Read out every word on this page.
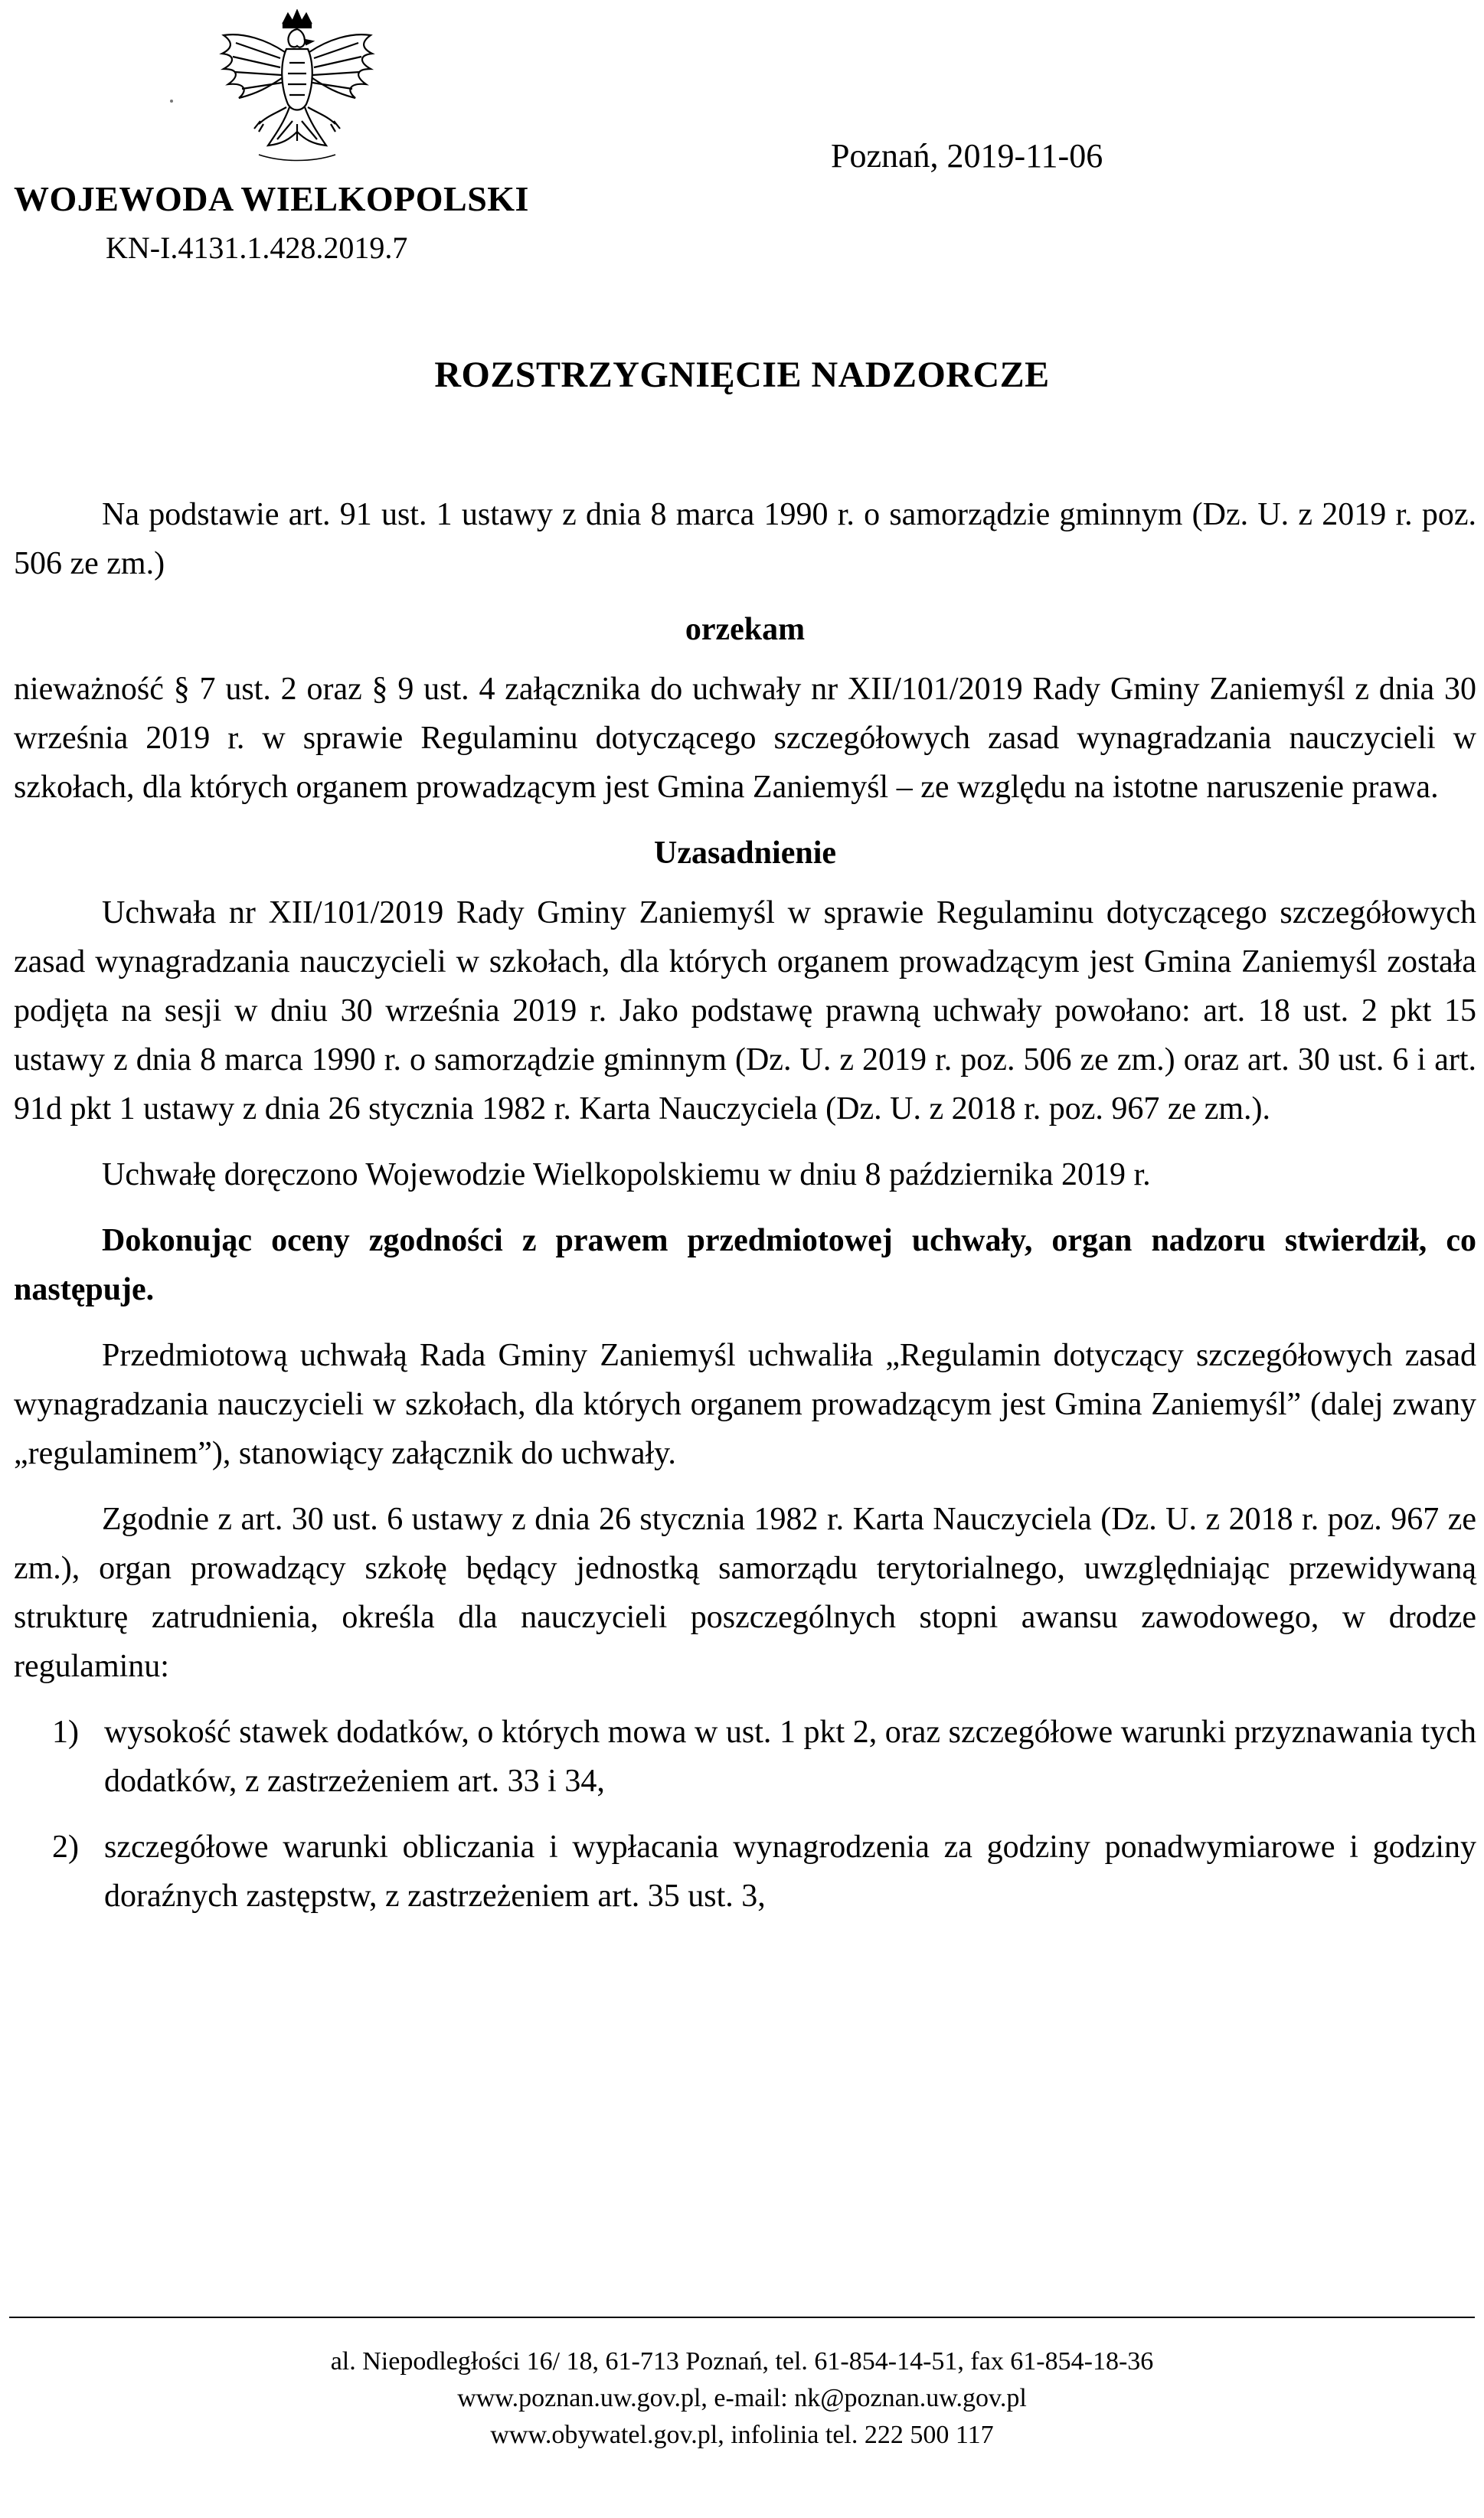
WOJEWODA WIELKOPOLSKI
KN-I.4131.1.428.2019.7
Poznań, 2019-11-06
ROZSTRZYGNIĘCIE NADZORCZE

Na podstawie art. 91 ust. 1 ustawy z dnia 8 marca 1990 r. o samorządzie gminnym (Dz. U. z 2019 r. poz. 506 ze zm.)

orzekam

nieważność § 7 ust. 2 oraz § 9 ust. 4 załącznika do uchwały nr XII/101/2019 Rady Gminy Zaniemyśl z dnia 30 września 2019 r. w sprawie Regulaminu dotyczącego szczegółowych zasad wynagradzania nauczycieli w szkołach, dla których organem prowadzącym jest Gmina Zaniemyśl – ze względu na istotne naruszenie prawa.

Uzasadnienie

Uchwała nr XII/101/2019 Rady Gminy Zaniemyśl w sprawie Regulaminu dotyczącego szczegółowych zasad wynagradzania nauczycieli w szkołach, dla których organem prowadzącym jest Gmina Zaniemyśl została podjęta na sesji w dniu 30 września 2019 r. Jako podstawę prawną uchwały powołano: art. 18 ust. 2 pkt 15 ustawy z dnia 8 marca 1990 r. o samorządzie gminnym (Dz. U. z 2019 r. poz. 506 ze zm.) oraz art. 30 ust. 6 i art. 91d pkt 1 ustawy z dnia 26 stycznia 1982 r. Karta Nauczyciela (Dz. U. z 2018 r. poz. 967 ze zm.).

Uchwałę doręczono Wojewodzie Wielkopolskiemu w dniu 8 października 2019 r.

Dokonując oceny zgodności z prawem przedmiotowej uchwały, organ nadzoru stwierdził, co następuje.

Przedmiotową uchwałą Rada Gminy Zaniemyśl uchwaliła „Regulamin dotyczący szczegółowych zasad wynagradzania nauczycieli w szkołach, dla których organem prowadzącym jest Gmina Zaniemyśl” (dalej zwany „regulaminem”), stanowiący załącznik do uchwały.

Zgodnie z art. 30 ust. 6 ustawy z dnia 26 stycznia 1982 r. Karta Nauczyciela (Dz. U. z 2018 r. poz. 967 ze zm.), organ prowadzący szkołę będący jednostką samorządu terytorialnego, uwzględniając przewidywaną strukturę zatrudnienia, określa dla nauczycieli poszczególnych stopni awansu zawodowego, w drodze regulaminu:

1) wysokość stawek dodatków, o których mowa w ust. 1 pkt 2, oraz szczegółowe warunki przyznawania tych dodatków, z zastrzeżeniem art. 33 i 34,
2) szczegółowe warunki obliczania i wypłacania wynagrodzenia za godziny ponadwymiarowe i godziny doraźnych zastępstw, z zastrzeżeniem art. 35 ust. 3,
al. Niepodległości 16/ 18, 61-713 Poznań, tel. 61-854-14-51, fax 61-854-18-36
www.poznan.uw.gov.pl, e-mail: nk@poznan.uw.gov.pl
www.obywatel.gov.pl, infolinia tel. 222 500 117
